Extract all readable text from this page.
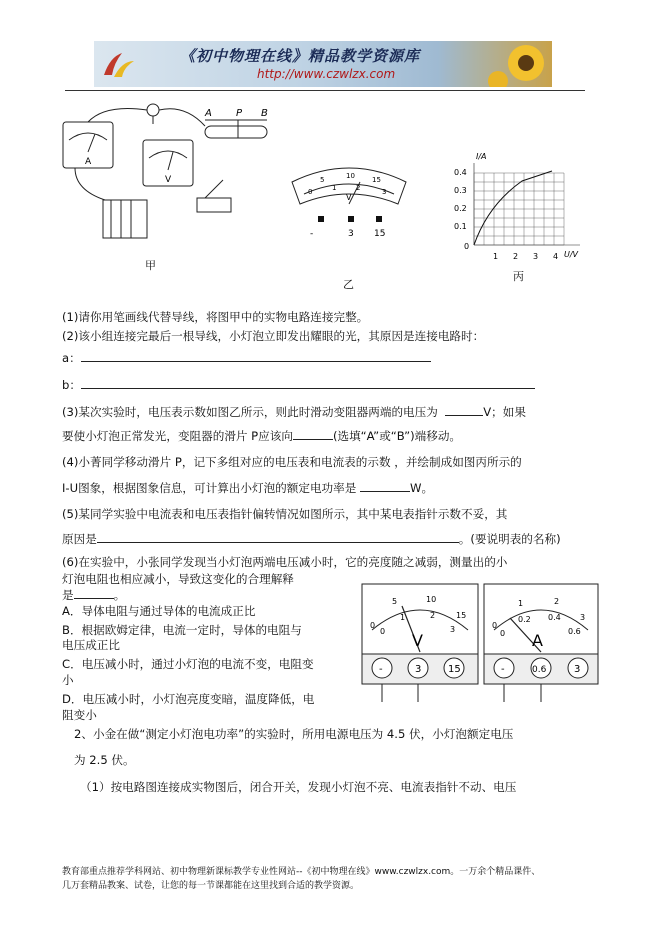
《初中物理在线》精品教学资源库
http://www.czwlzx.com
A P B
A
V
甲
5	10 15
0	1	2	3
V
-	3 15
乙
I/A
U/V
0.4
0.3
0.2
0.1
0
1 2 3 4
丙
(1)请你用笔画线代替导线，将图甲中的实物电路连接完整。
(2)该小组连接完最后一根导线，小灯泡立即发出耀眼的光，其原因是连接电路时：
a：
b：
(3)某次实验时，电压表示数如图乙所示，则此时滑动变阻器两端的电压为	V；如果
要使小灯泡正常发光，变阻器的滑片 P应该向	(选填“A”或“B”)端移动。
(4)小菁同学移动滑片 P，记下多组对应的电压表和电流表的示数 ，并绘制成如图丙所示的
I-U图象，根据图象信息，可计算出小灯泡的额定电功率是	W。
(5)某同学实验中电流表和电压表指针偏转情况如图所示，其中某电表指针示数不妥，其
原因是	。(要说明表的名称)
(6)在实验中，小张同学发现当小灯泡两端电压减小时，它的亮度随之减弱，测量出的小
灯泡电阻也相应减小，导致这变化的合理解释
是	。
A．导体电阻与通过导体的电流成正比
B．根据欧姆定律，电流一定时，导体的电阻与
电压成正比
C．电压减小时，通过小灯泡的电流不变，电阻变
小
D．电压减小时，小灯泡亮度变暗，温度降低，电
阻变小
0
5	10
15
0
1	2
3
V
-	3	15
0
1	2
3
0
0.2 0.4
0.6
A
-	0.6	3
2、小金在做“测定小灯泡电功率”的实验时，所用电源电压为 4.5 伏，小灯泡额定电压
为 2.5 伏。
（1）按电路图连接成实物图后，闭合开关，发现小灯泡不亮、电流表指针不动、电压
教育部重点推荐学科网站、初中物理新课标教学专业性网站--《初中物理在线》www.czwlzx.com。一万余个精品课件、
几万套精品教案、试卷，让您的每一节课都能在这里找到合适的教学资源。
